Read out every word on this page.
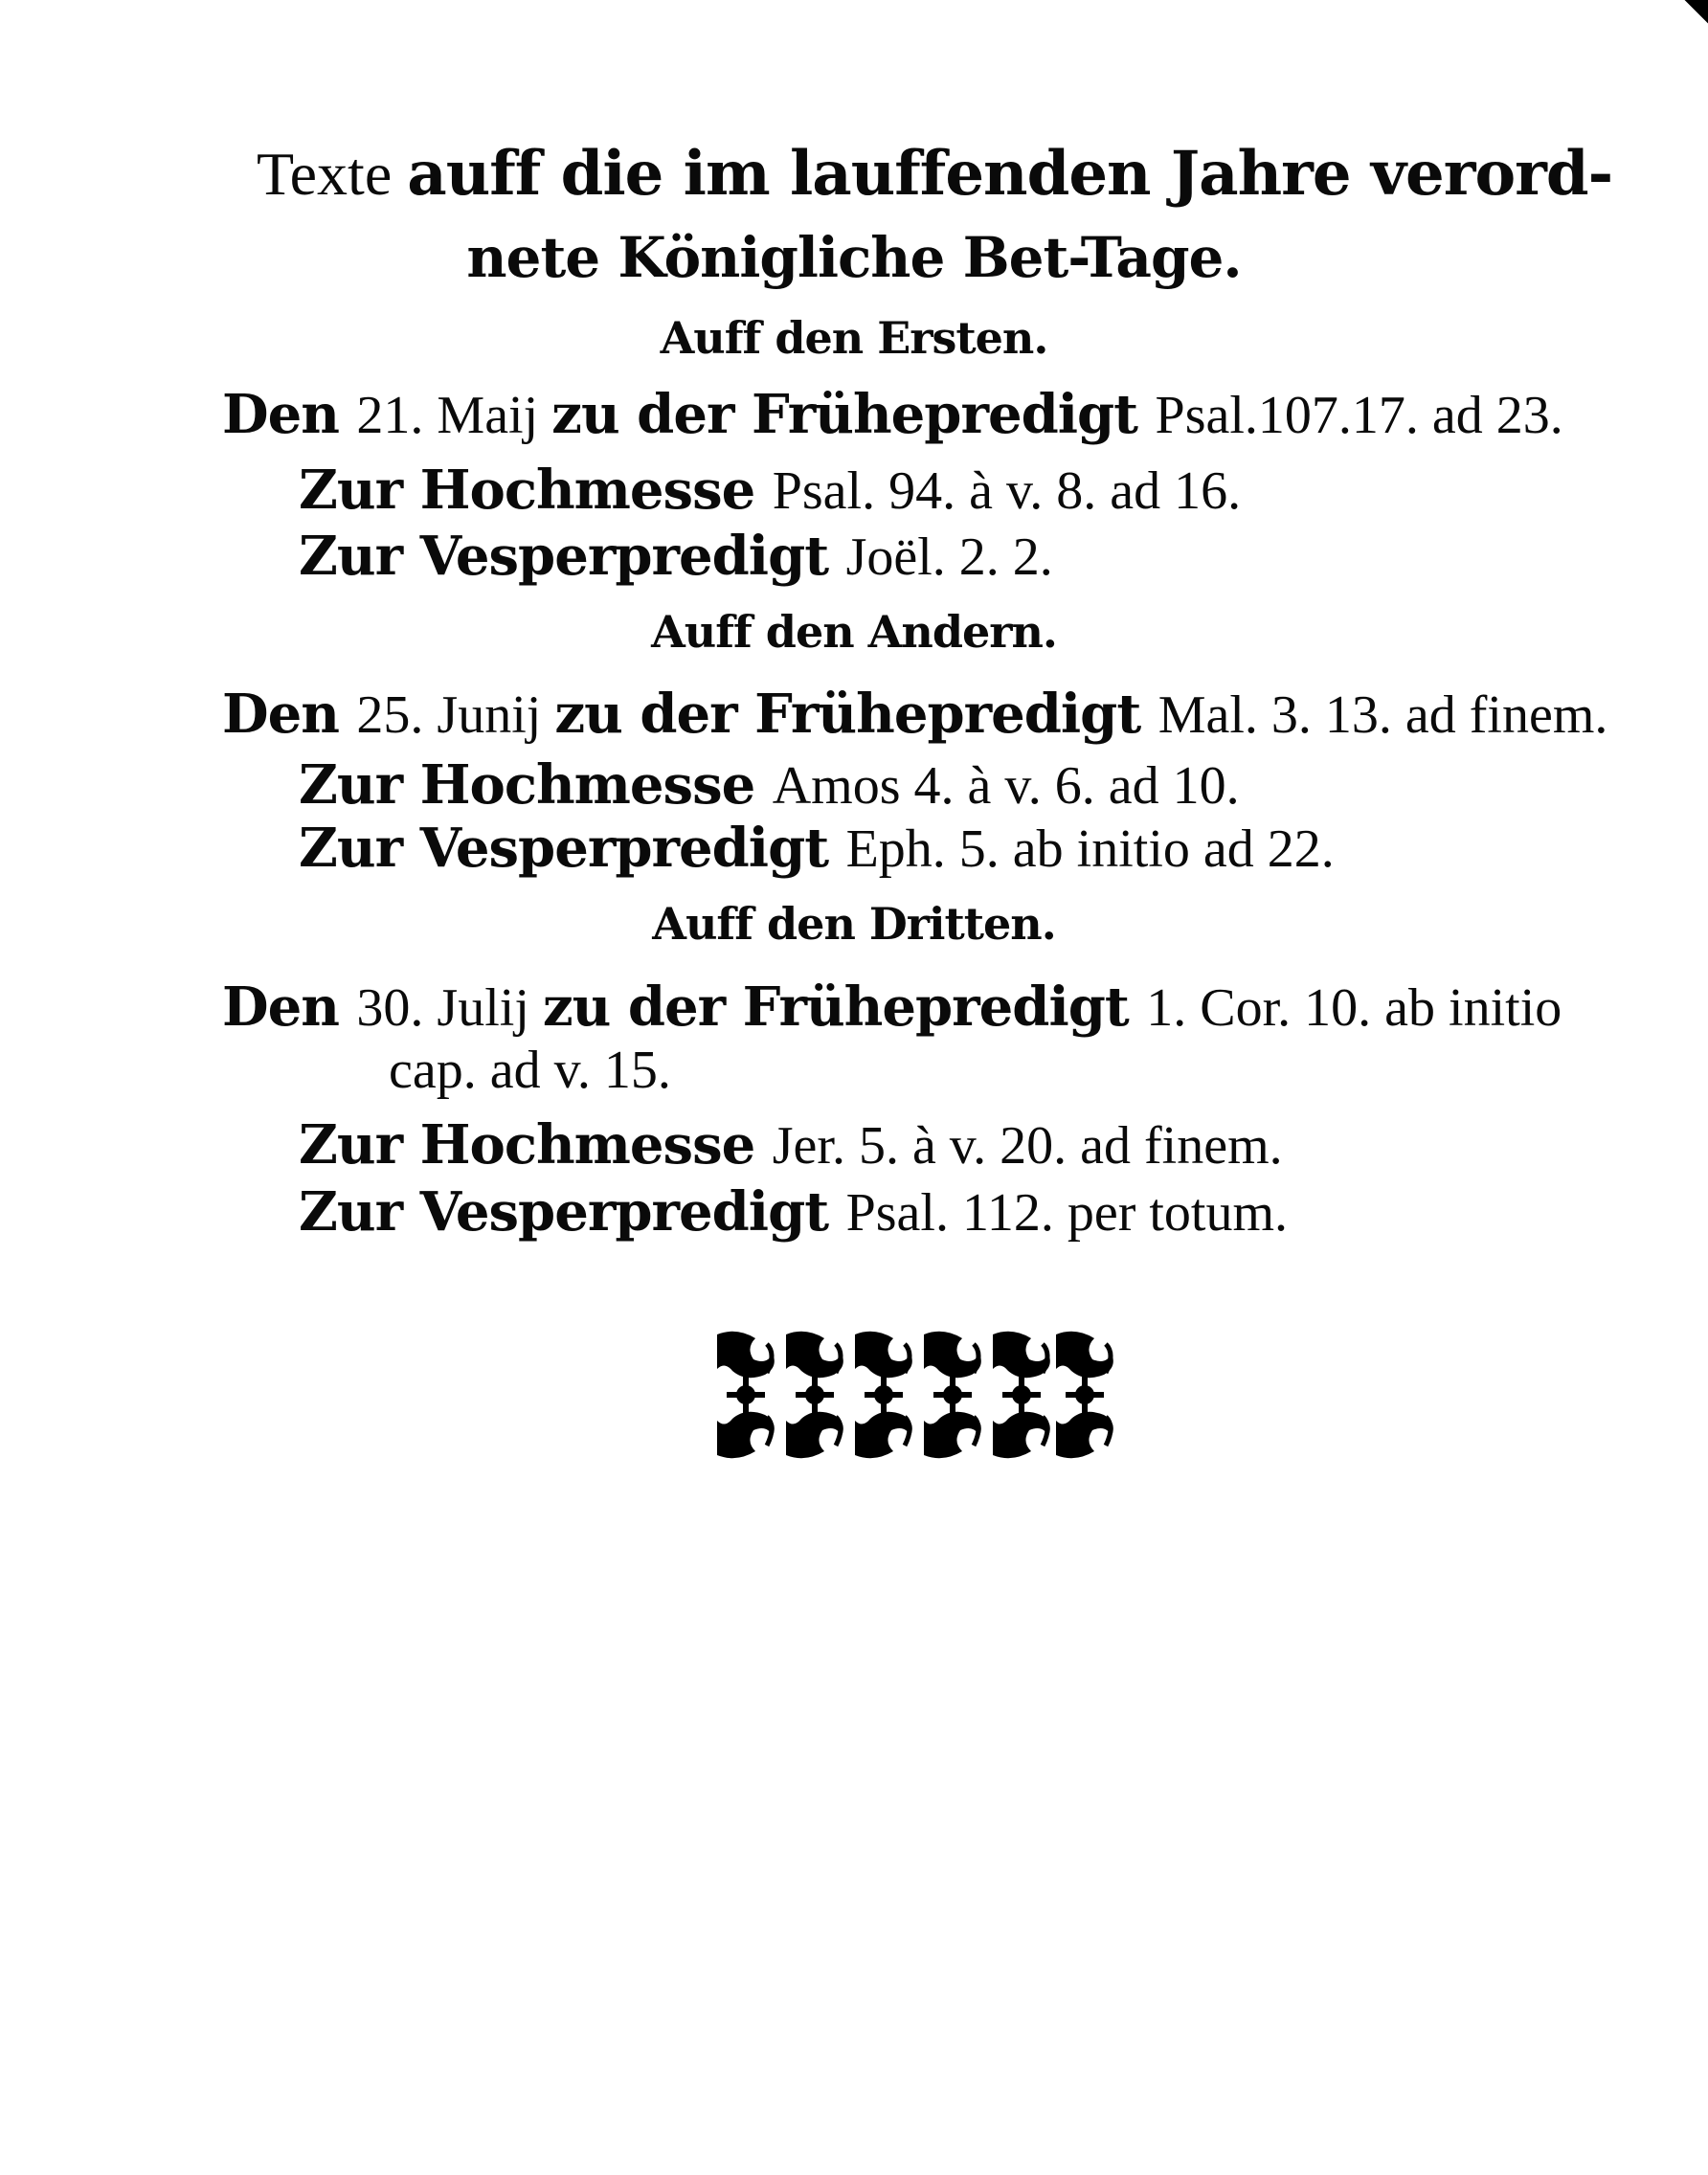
Texte auff die im lauffenden Jahre verord-
nete Königliche Bet-Tage.
Auff den Ersten.
Den 21. Maij zu der Frühepredigt Psal.107.17. ad 23.
Zur Hochmesse Psal. 94. à v. 8. ad 16.
Zur Vesperpredigt Joël. 2. 2.
Auff den Andern.
Den 25. Junij zu der Frühepredigt Mal. 3. 13. ad finem.
Zur Hochmesse Amos 4. à v. 6. ad 10.
Zur Vesperpredigt Eph. 5. ab initio ad 22.
Auff den Dritten.
Den 30. Julij zu der Frühepredigt 1. Cor. 10. ab initio
cap. ad v. 15.
Zur Hochmesse Jer. 5. à v. 20. ad finem.
Zur Vesperpredigt Psal. 112. per totum.
